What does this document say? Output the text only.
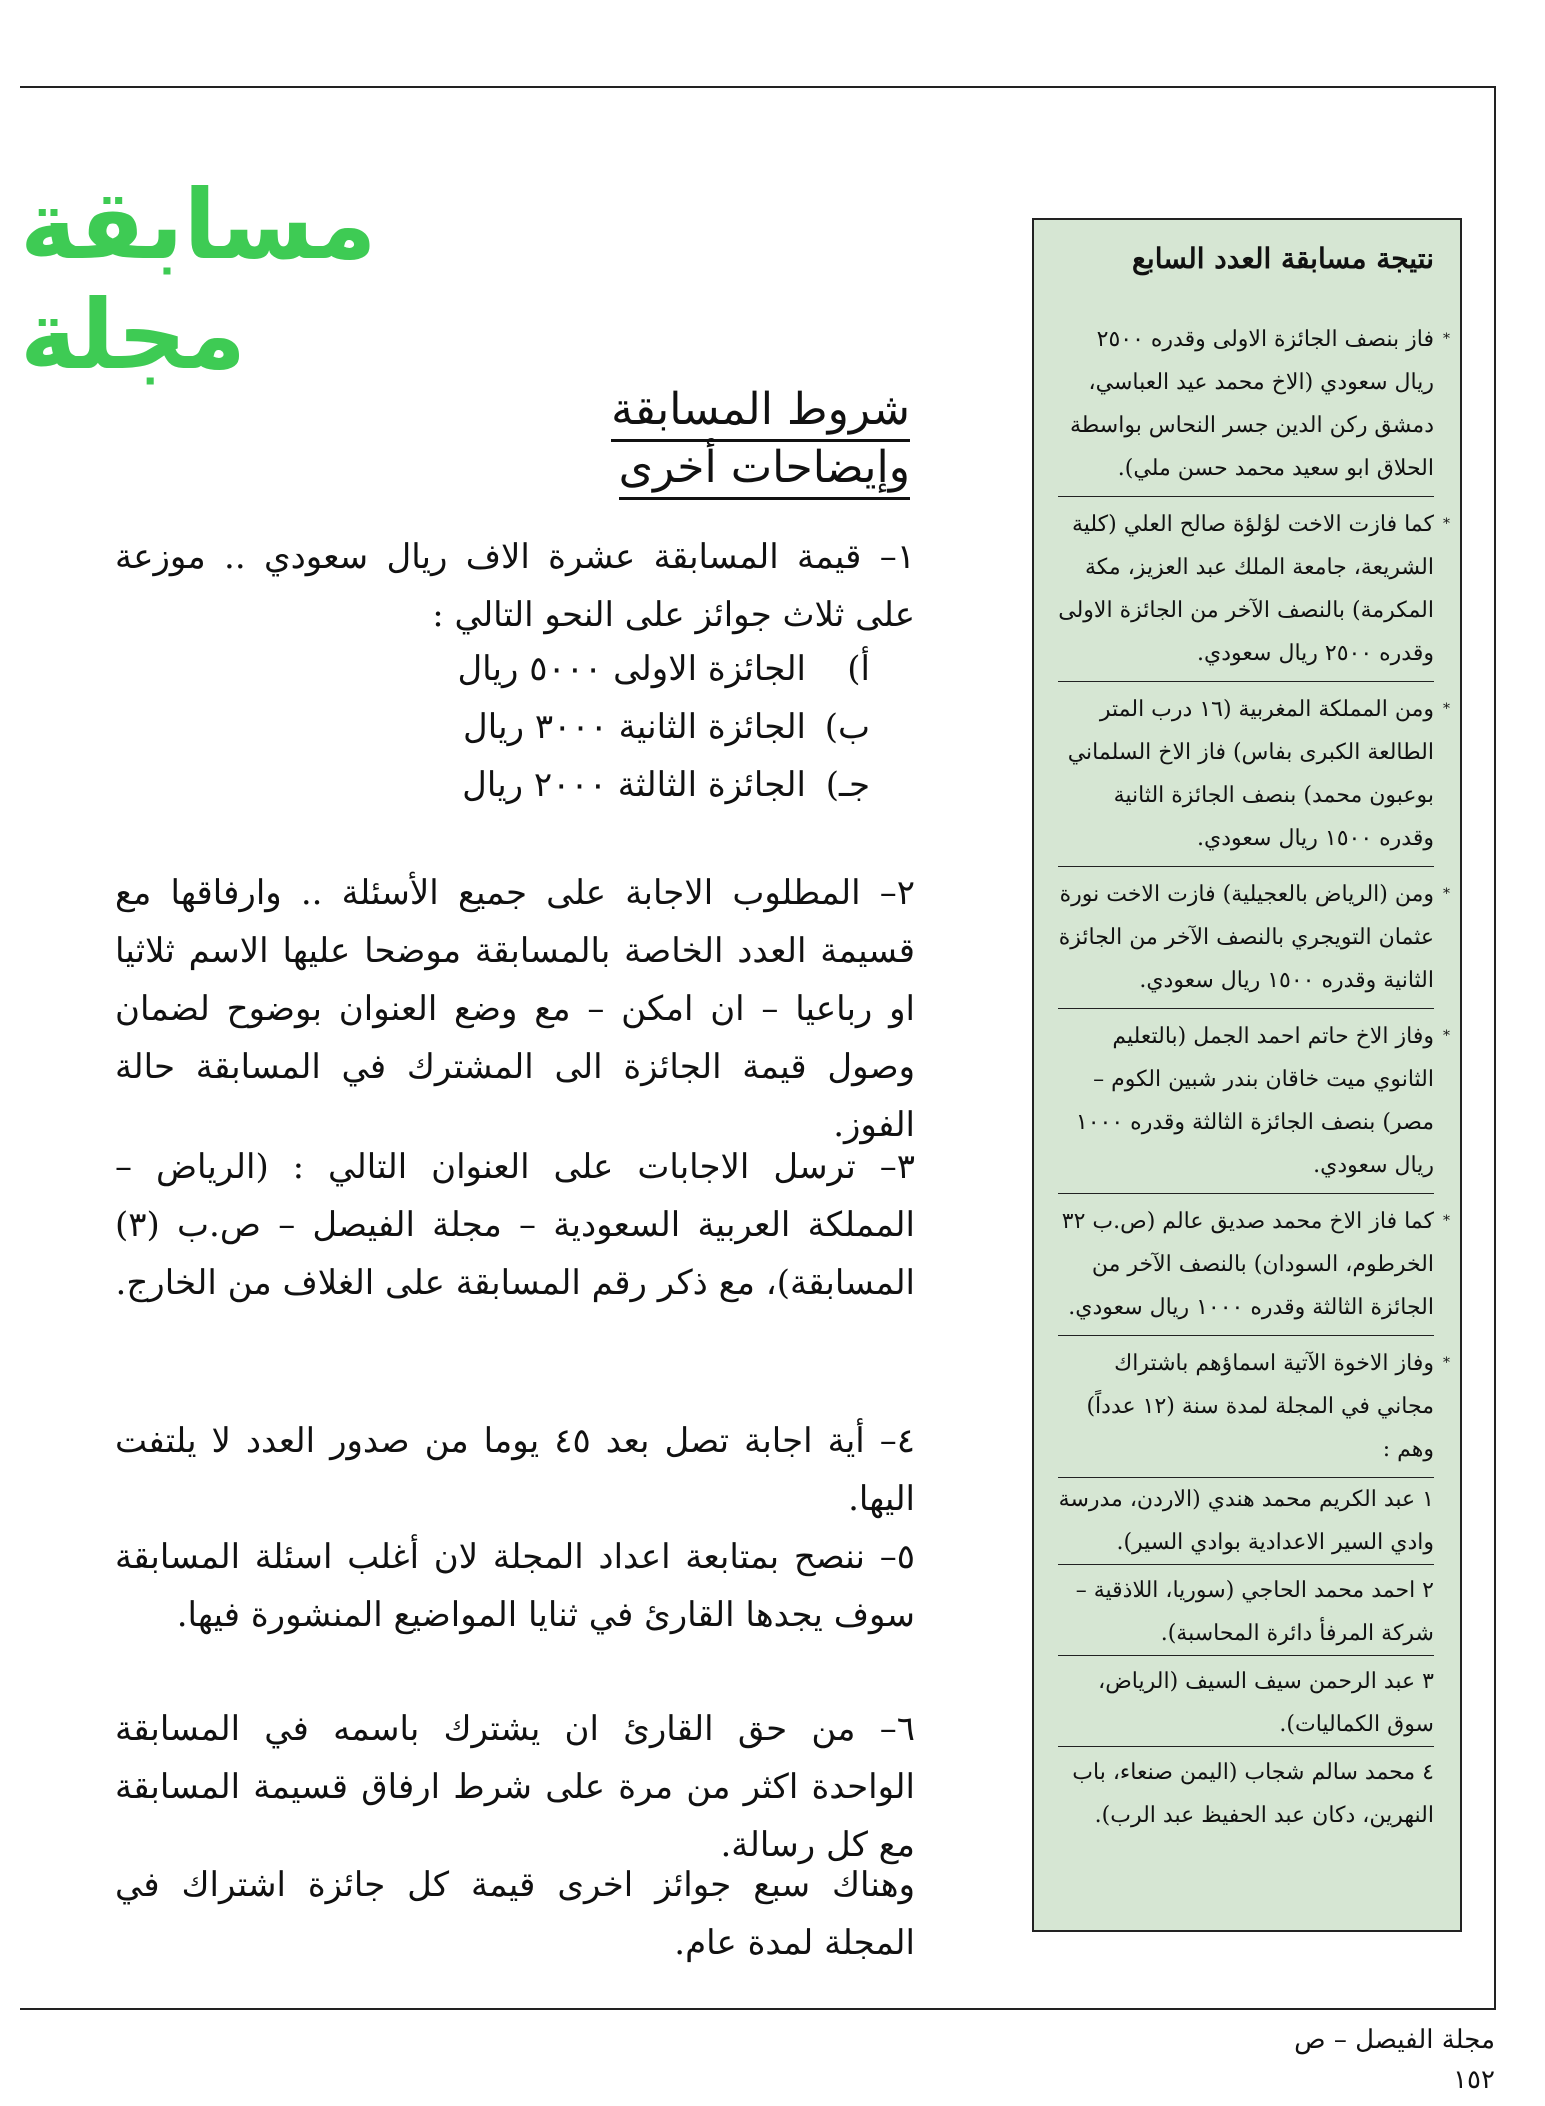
مسابقة مجلة
شروط المسابقة
وإيضاحات أخرى

١– قيمة المسابقة عشرة الاف ريال سعودي .. موزعة على ثلاث جوائز على النحو التالي :

أ)
الجائزة الاولى ٥٠٠٠ ريال
ب)
الجائزة الثانية ٣٠٠٠ ريال
جـ)
الجائزة الثالثة ٢٠٠٠ ريال

٢– المطلوب الاجابة على جميع الأسئلة .. وارفاقها مع قسيمة العدد الخاصة بالمسابقة موضحا عليها الاسم ثلاثيا او رباعيا – ان امكن – مع وضع العنوان بوضوح لضمان وصول قيمة الجائزة الى المشترك في المسابقة حالة الفوز.

٣– ترسل الاجابات على العنوان التالي : (الرياض – المملكة العربية السعودية – مجلة الفيصل – ص.ب (٣) المسابقة)، مع ذكر رقم المسابقة على الغلاف من الخارج.

٤– أية اجابة تصل بعد ٤٥ يوما من صدور العدد لا يلتفت اليها.

٥– ننصح بمتابعة اعداد المجلة لان أغلب اسئلة المسابقة سوف يجدها القارئ في ثنايا المواضيع المنشورة فيها.

٦– من حق القارئ ان يشترك باسمه في المسابقة الواحدة اكثر من مرة على شرط ارفاق قسيمة المسابقة مع كل رسالة.

وهناك سبع جوائز اخرى قيمة كل جائزة اشتراك في المجلة لمدة عام.

نتيجة مسابقة العدد السابع

* فاز بنصف الجائزة الاولى وقدره ٢٥٠٠ ريال سعودي (الاخ محمد عيد العباسي، دمشق ركن الدين جسر النحاس بواسطة الحلاق ابو سعيد محمد حسن ملي).

* كما فازت الاخت لؤلؤة صالح العلي (كلية الشريعة، جامعة الملك عبد العزيز، مكة المكرمة) بالنصف الآخر من الجائزة الاولى وقدره ٢٥٠٠ ريال سعودي.

* ومن المملكة المغربية (١٦ درب المتر الطالعة الكبرى بفاس) فاز الاخ السلماني بوعبون محمد) بنصف الجائزة الثانية وقدره ١٥٠٠ ريال سعودي.

* ومن (الرياض بالعجيلية) فازت الاخت نورة عثمان التويجري بالنصف الآخر من الجائزة الثانية وقدره ١٥٠٠ ريال سعودي.

* وفاز الاخ حاتم احمد الجمل (بالتعليم الثانوي ميت خاقان بندر شبين الكوم – مصر) بنصف الجائزة الثالثة وقدره ١٠٠٠ ريال سعودي.

* كما فاز الاخ محمد صديق عالم (ص.ب ٣٢ الخرطوم، السودان) بالنصف الآخر من الجائزة الثالثة وقدره ١٠٠٠ ريال سعودي.

* وفاز الاخوة الآتية اسماؤهم باشتراك مجاني في المجلة لمدة سنة (١٢ عدداً) وهم :

١ عبد الكريم محمد هندي (الاردن، مدرسة وادي السير الاعدادية بوادي السير).

٢ احمد محمد الحاجي (سوريا، اللاذقية – شركة المرفأ دائرة المحاسبة).

٣ عبد الرحمن سيف السيف (الرياض، سوق الكماليات).

٤ محمد سالم شجاب (اليمن صنعاء، باب النهرين، دكان عبد الحفيظ عبد الرب).

مجلة الفيصل – ص ١٥٢
